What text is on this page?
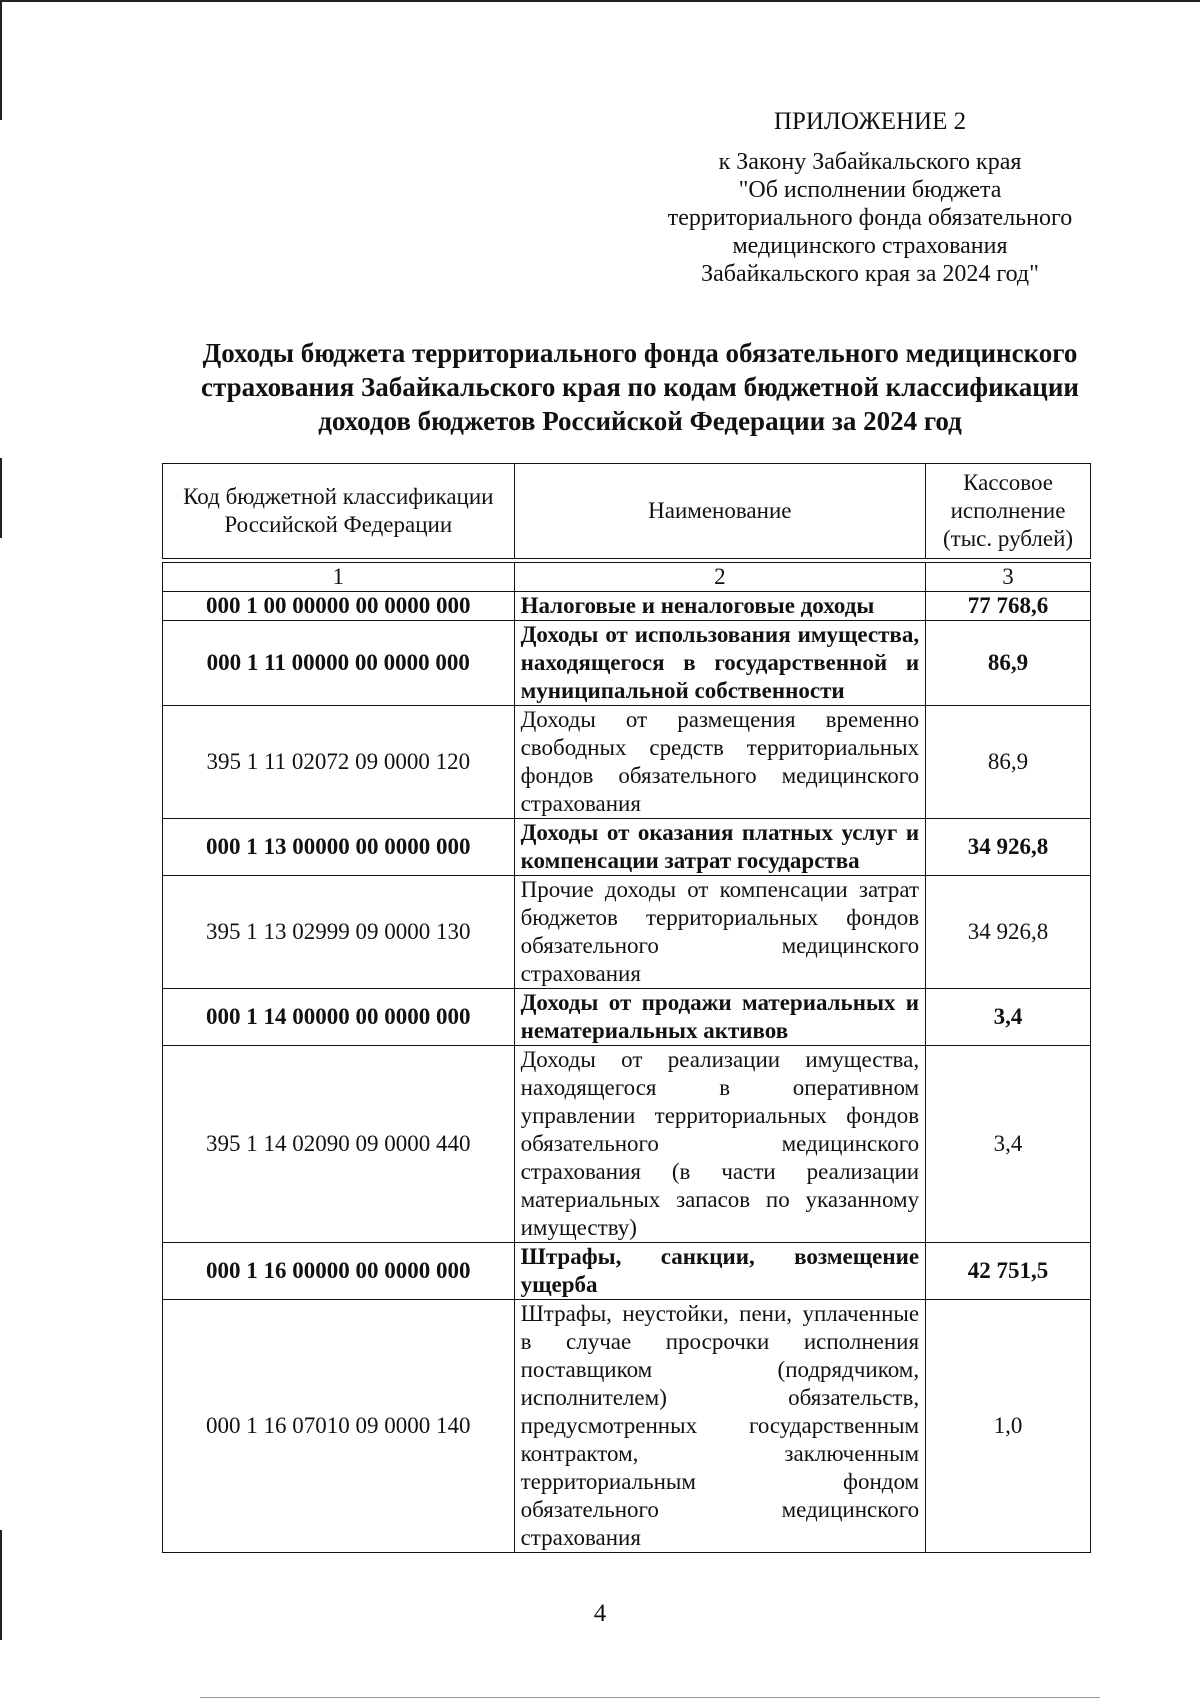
ПРИЛОЖЕНИЕ 2
к Закону Забайкальского края
"Об исполнении бюджета
территориального фонда обязательного
медицинского страхования
Забайкальского края за 2024 год"
Доходы бюджета территориального фонда обязательного медицинского
страхования Забайкальского края по кодам бюджетной классификации
доходов бюджетов Российской Федерации за 2024 год
Код бюджетной классификации Российской Федерации	Наименование	Кассовое исполнение (тыс. рублей)

1	2	3
000 1 00 00000 00 0000 000	Налоговые и неналоговые доходы	77 768,6
000 1 11 00000 00 0000 000	Доходы от использования имущества, находящегося в государственной и муниципальной собственности	86,9
395 1 11 02072 09 0000 120	Доходы от размещения временно свободных средств территориальных фондов обязательного медицинского страхования	86,9
000 1 13 00000 00 0000 000	Доходы от оказания платных услуг и компенсации затрат государства	34 926,8
395 1 13 02999 09 0000 130	Прочие доходы от компенсации затрат бюджетов территориальных фондов обязательного медицинского страхования	34 926,8
000 1 14 00000 00 0000 000	Доходы от продажи материальных и нематериальных активов	3,4
395 1 14 02090 09 0000 440	Доходы от реализации имущества, находящегося в оперативном управлении территориальных фондов обязательного медицинского страхования (в части реализации материальных запасов по указанному имуществу)	3,4
000 1 16 00000 00 0000 000	Штрафы, санкции, возмещение ущерба	42 751,5
000 1 16 07010 09 0000 140	Штрафы, неустойки, пени, уплаченные в случае просрочки исполнения поставщиком (подрядчиком, исполнителем) обязательств, предусмотренных государственным контрактом, заключенным территориальным фондом обязательного медицинского страхования	1,0
4
